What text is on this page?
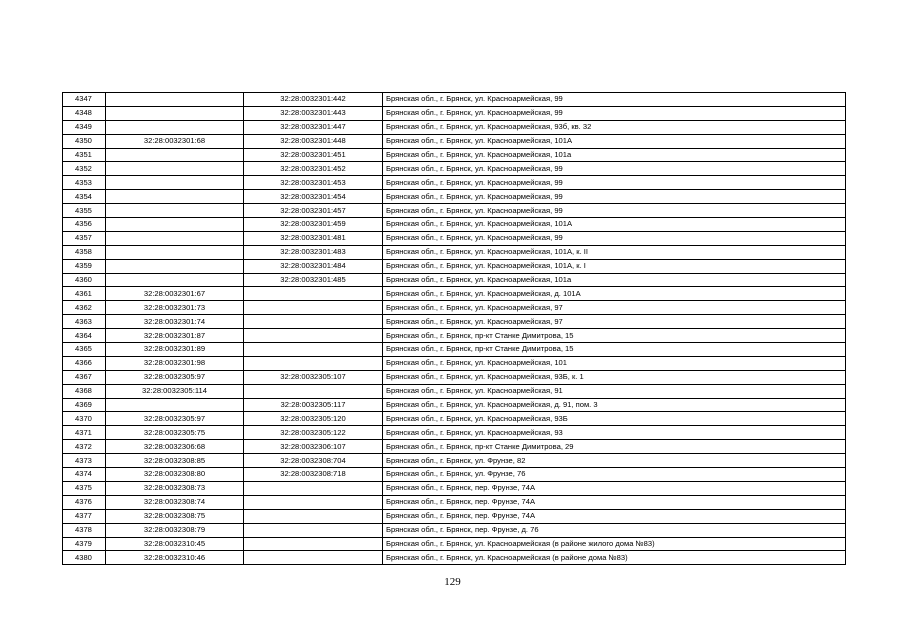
4347		32:28:0032301:442	Брянская обл., г. Брянск, ул. Красноармейская, 99
4348		32:28:0032301:443	Брянская обл., г. Брянск, ул. Красноармейская, 99
4349		32:28:0032301:447	Брянская обл., г. Брянск, ул. Красноармейская, 93б, кв. 32
4350	32:28:0032301:68	32:28:0032301:448	Брянская обл., г. Брянск, ул. Красноармейская, 101А
4351		32:28:0032301:451	Брянская обл., г. Брянск, ул. Красноармейская, 101а
4352		32:28:0032301:452	Брянская обл., г. Брянск, ул. Красноармейская, 99
4353		32:28:0032301:453	Брянская обл., г. Брянск, ул. Красноармейская, 99
4354		32:28:0032301:454	Брянская обл., г. Брянск, ул. Красноармейская, 99
4355		32:28:0032301:457	Брянская обл., г. Брянск, ул. Красноармейская, 99
4356		32:28:0032301:459	Брянская обл., г. Брянск, ул. Красноармейская, 101А
4357		32:28:0032301:481	Брянская обл., г. Брянск, ул. Красноармейская, 99
4358		32:28:0032301:483	Брянская обл., г. Брянск, ул. Красноармейская, 101А, к. II
4359		32:28:0032301:484	Брянская обл., г. Брянск, ул. Красноармейская, 101А, к. I
4360		32:28:0032301:485	Брянская обл., г. Брянск, ул. Красноармейская, 101а
4361	32:28:0032301:67		Брянская обл., г. Брянск, ул. Красноармейская, д. 101А
4362	32:28:0032301:73		Брянская обл., г. Брянск, ул. Красноармейская, 97
4363	32:28:0032301:74		Брянская обл., г. Брянск, ул. Красноармейская, 97
4364	32:28:0032301:87		Брянская обл., г. Брянск, пр-кт Станке Димитрова, 15
4365	32:28:0032301:89		Брянская обл., г. Брянск, пр-кт Станке Димитрова, 15
4366	32:28:0032301:98		Брянская обл., г. Брянск, ул. Красноармейская, 101
4367	32:28:0032305:97	32:28:0032305:107	Брянская обл., г. Брянск, ул. Красноармейская, 93Б, к. 1
4368	32:28:0032305:114		Брянская обл., г. Брянск, ул. Красноармейская, 91
4369		32:28:0032305:117	Брянская обл., г. Брянск, ул. Красноармейская, д. 91, пом. 3
4370	32:28:0032305:97	32:28:0032305:120	Брянская обл., г. Брянск, ул. Красноармейская, 93Б
4371	32:28:0032305:75	32:28:0032305:122	Брянская обл., г. Брянск, ул. Красноармейская, 93
4372	32:28:0032306:68	32:28:0032306:107	Брянская обл., г. Брянск, пр-кт Станке Димитрова, 29
4373	32:28:0032308:85	32:28:0032308:704	Брянская обл., г. Брянск, ул. Фрунзе, 82
4374	32:28:0032308:80	32:28:0032308:718	Брянская обл., г. Брянск, ул. Фрунзе, 76
4375	32:28:0032308:73		Брянская обл., г. Брянск, пер. Фрунзе, 74А
4376	32:28:0032308:74		Брянская обл., г. Брянск, пер. Фрунзе, 74А
4377	32:28:0032308:75		Брянская обл., г. Брянск, пер. Фрунзе, 74А
4378	32:28:0032308:79		Брянская обл., г. Брянск, пер. Фрунзе, д. 76
4379	32:28:0032310:45		Брянская обл., г. Брянск, ул. Красноармейская (в районе жилого дома №83)
4380	32:28:0032310:46		Брянская обл., г. Брянск, ул. Красноармейская (в районе дома №83)
129
